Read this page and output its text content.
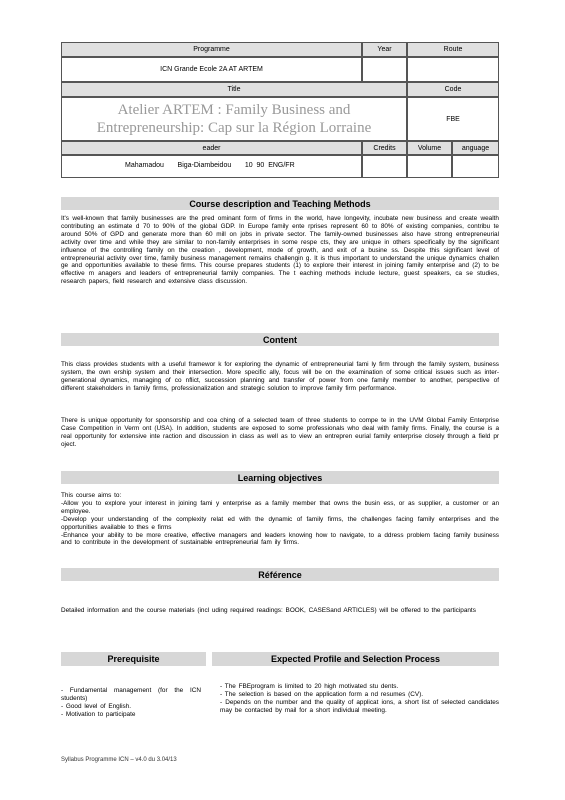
Programme	Year	Route
ICN Grande Ecole 2A AT ARTEM
Title	Code
Atelier ARTEM : Family Business and Entrepreneurship: Cap sur la Région Lorraine
FBE
eader	Credits	Volume	anguage
Mahamadou       Biga-Diambeidou       10  90  ENG/FR
Course description and Teaching Methods
It's well-known that family businesses are the pred ominant form of firms in the world, have longevity, incubate new business and create wealth contributing an estimate d 70 to 90% of the global GDP. In Europe family ente rprises represent 60 to 80% of existing companies, contribu te around 50% of GPD and generate more than 60 mill on jobs in private sector. The family-owned businesses also have strong entrepreneurial activity over time and while they are similar to non-family enterprises in some respe cts, they are unique in others specifically by the significant influence of the controlling family on the creation , development, mode of growth, and exit of a busine ss. Despite this significant level of entrepreneurial activity over time, family business management remains challengin g. It is thus important to understand the unique dynamics challen ge and opportunities available to these firms. This course prepares students (1) to explore their interest in joining family enterprise and (2) to be effective m anagers and leaders of entrepreneurial family companies. The t eaching methods include lecture, guest speakers, ca se studies, research papers, field research and extensive class discussion.
Content
This class provides students with a useful framewor k for exploring the dynamic of entrepreneurial fami ly firm through the family system, business system, the own ership system and their intersection. More specific ally, focus will be on the examination of some critical issues such as inter-generational dynamics, managing of co nflict, succession planning and transfer of power from one family member to another, perspective of different stakeholders in family firms, professionalization and strategic solution to improve family firm performance.
There is unique opportunity for sponsorship and coa ching of a selected team of three students to compe te in the UVM Global Family Enterprise Case Competition in Verm ont (USA). In addition, students are exposed to some professionals who deal with family firms. Finally, the course is a real opportunity for extensive inte raction and discussion in class as well as to view an entrepren eurial family enterprise closely through a field pr oject.
Learning objectives

This course aims to:

-Allow you to explore your interest in joining fami y enterprise as a family member that owns the busin ess, or as supplier, a customer or an employee.

-Develop your understanding of the complexity relat ed with the dynamic of family firms, the challenges facing family enterprises and the opportunities available to thes e firms

-Enhance your ability to be more creative, effective managers and leaders knowing how to navigate, to a ddress problem facing family business and to contribute in the development of sustainable entrepreneurial fam ily firms.

Référence
Detailed information and the course materials (incl uding required readings: BOOK, CASESand ARTICLES) will be offered to the participants
Prerequisite	Expected Profile and Selection Process

- Fundamental management (for the ICN students)

- Good level of English.

- Motivation to participate

- The FBEprogram is limited to 20 high motivated stu dents.

- The selection is based on the application form a nd resumes (CV).

- Depends on the number and the quality of applicat ions, a short list of selected candidates may be contacted by mail for a short individual meeting.

Syllabus Programme ICN – v4.0 du 3.04/13
